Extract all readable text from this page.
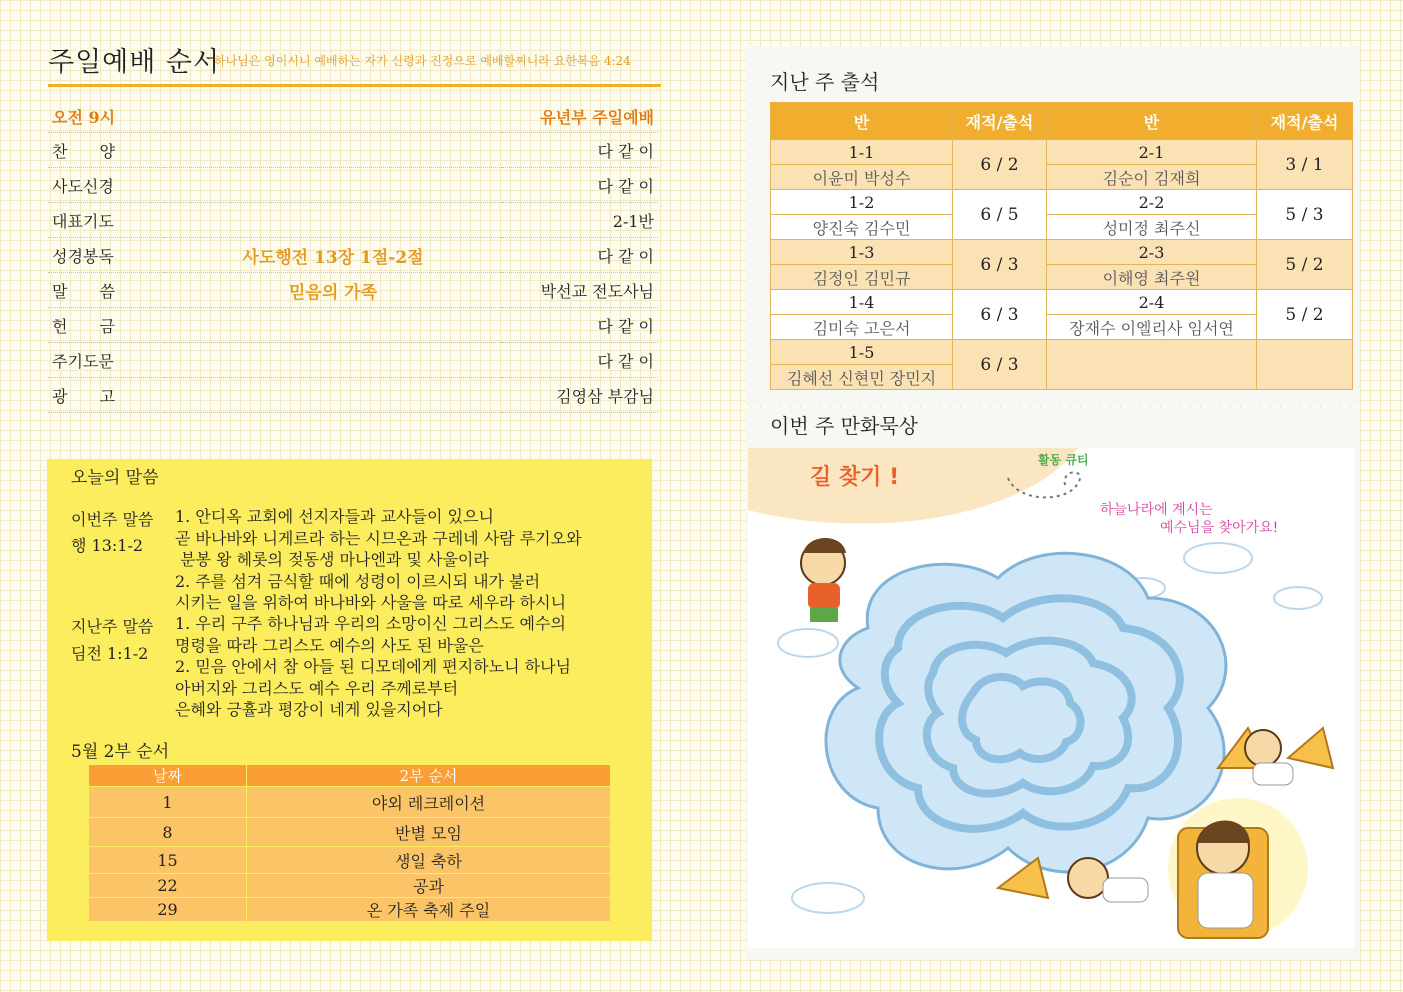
주일예배 순서
하나님은 영이시니 예배하는 자가 신령과 진정으로 예배할찌니라 요한복음 4:24
오전 9시		유년부 주일예배
찬　　양		다 같 이
사도신경		다 같 이
대표기도		2-1반
성경봉독	사도행전 13장 1절-2절	다 같 이
말　　씀	믿음의 가족	박선교 전도사님
헌　　금		다 같 이
주기도문		다 같 이
광　　고		김영삼 부감님
오늘의 말씀
이번주 말씀
행 13:1-2
1. 안디옥 교회에 선지자들과 교사들이 있으니
곧 바나바와 니게르라 하는 시므온과 구레네 사람 루기오와
분봉 왕 헤롯의 젖동생 마나엔과 및 사울이라
2. 주를 섬겨 금식할 때에 성령이 이르시되 내가 불러
시키는 일을 위하여 바나바와 사울을 따로 세우라 하시니
지난주 말씀
딤전 1:1-2
1. 우리 구주 하나님과 우리의 소망이신 그리스도 예수의
명령을 따라 그리스도 예수의 사도 된 바울은
2. 믿음 안에서 참 아들 된 디모데에게 편지하노니 하나님
아버지와 그리스도 예수 우리 주께로부터
은혜와 긍휼과 평강이 네게 있을지어다
5월 2부 순서
날짜	2부 순서
1	야외 레크레이션
8	반별 모임
15	생일 축하
22	공과
29	온 가족 축제 주일
지난 주 출석
반	재적/출석	반	재적/출석
1-1	6 / 2	2-1	3 / 1
이윤미 박성수		김순이 김재희	
1-2	6 / 5	2-2	5 / 3
양진숙 김수민		성미정 최주신	
1-3	6 / 3	2-3	5 / 2
김정인 김민규		이해영 최주원	
1-4	6 / 3	2-4	5 / 2
김미숙 고은서		장재수 이엘리사 임서연	
1-5	6 / 3		
김혜선 신현민 장민지			
이번 주 만화묵상
길 찾기 !
활동 큐티
하늘나라에 계시는
예수님을 찾아가요!
